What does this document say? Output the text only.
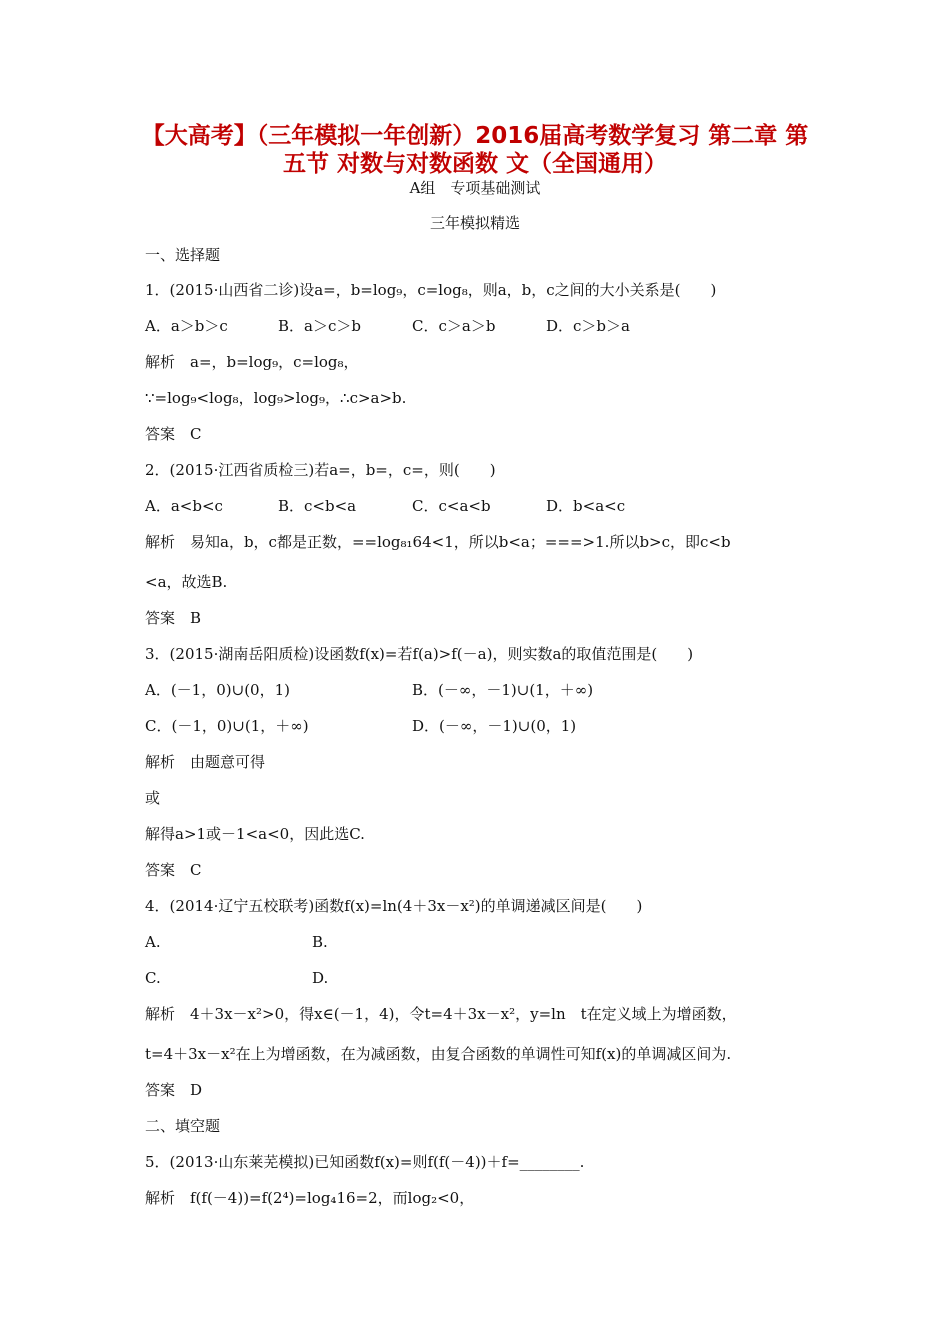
【大高考】（三年模拟一年创新）2016届高考数学复习 第二章 第
五节 对数与对数函数 文（全国通用）
A组　专项基础测试
三年模拟精选
一、选择题
1．(2015·山西省二诊)设a=，b=log₉，c=log₈，则a，b，c之间的大小关系是(　　)
A．a＞b＞c	B．a＞c＞b	C．c＞a＞b	D．c＞b＞a
解析　a=，b=log₉，c=log₈，
∵=log₉<log₈，log₉>log₉，∴c>a>b.
答案　C
2．(2015·江西省质检三)若a=，b=，c=，则(　　)
A．a<b<c	B．c<b<a	C．c<a<b	D．b<a<c
解析　易知a，b，c都是正数，==log₈₁64<1，所以b<a；===>1.所以b>c，即c<b
<a，故选B.
答案　B
3．(2015·湖南岳阳质检)设函数f(x)=若f(a)>f(－a)，则实数a的取值范围是(　　)
A．(－1，0)∪(0，1)	B．(－∞，－1)∪(1，＋∞)
C．(－1，0)∪(1，＋∞)	D．(－∞，－1)∪(0，1)
解析　由题意可得
或
解得a>1或－1<a<0，因此选C.
答案　C
4．(2014·辽宁五校联考)函数f(x)=ln(4＋3x－x²)的单调递减区间是(　　)
A.	B.
C.	D.
解析　4＋3x－x²>0，得x∈(－1，4)，令t=4＋3x－x²，y=ln　t在定义域上为增函数，
t=4＋3x－x²在上为增函数，在为减函数，由复合函数的单调性可知f(x)的单调减区间为.
答案　D
二、填空题
5．(2013·山东莱芜模拟)已知函数f(x)=则f(f(－4))＋f=________.
解析　f(f(－4))=f(2⁴)=log₄16=2，而log₂<0，
